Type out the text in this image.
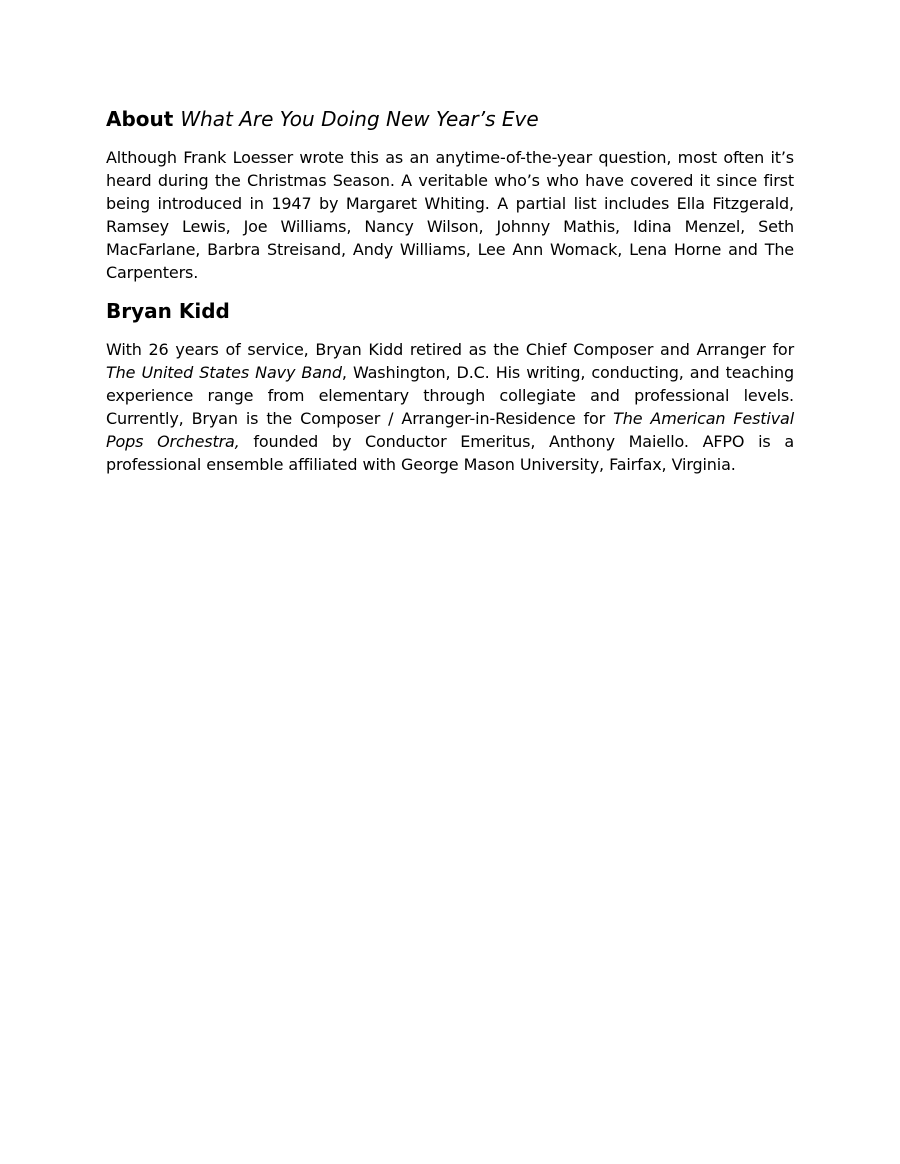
About What Are You Doing New Year’s Eve

Although Frank Loesser wrote this as an anytime-of-the-year question, most often it’s heard during the Christmas Season. A veritable who’s who have covered it since first being introduced in 1947 by Margaret Whiting. A partial list includes Ella Fitzgerald, Ramsey Lewis, Joe Williams, Nancy Wilson, Johnny Mathis, Idina Menzel, Seth MacFarlane, Barbra Streisand, Andy Williams, Lee Ann Womack, Lena Horne and The Carpenters.

Bryan Kidd

With 26 years of service, Bryan Kidd retired as the Chief Composer and Arranger for The United States Navy Band, Washington, D.C. His writing, conducting, and teaching experience range from elementary through collegiate and professional levels. Currently, Bryan is the Composer / Arranger-in-Residence for The American Festival Pops Orchestra, founded by Conductor Emeritus, Anthony Maiello. AFPO is a professional ensemble affiliated with George Mason University, Fairfax, Virginia.
